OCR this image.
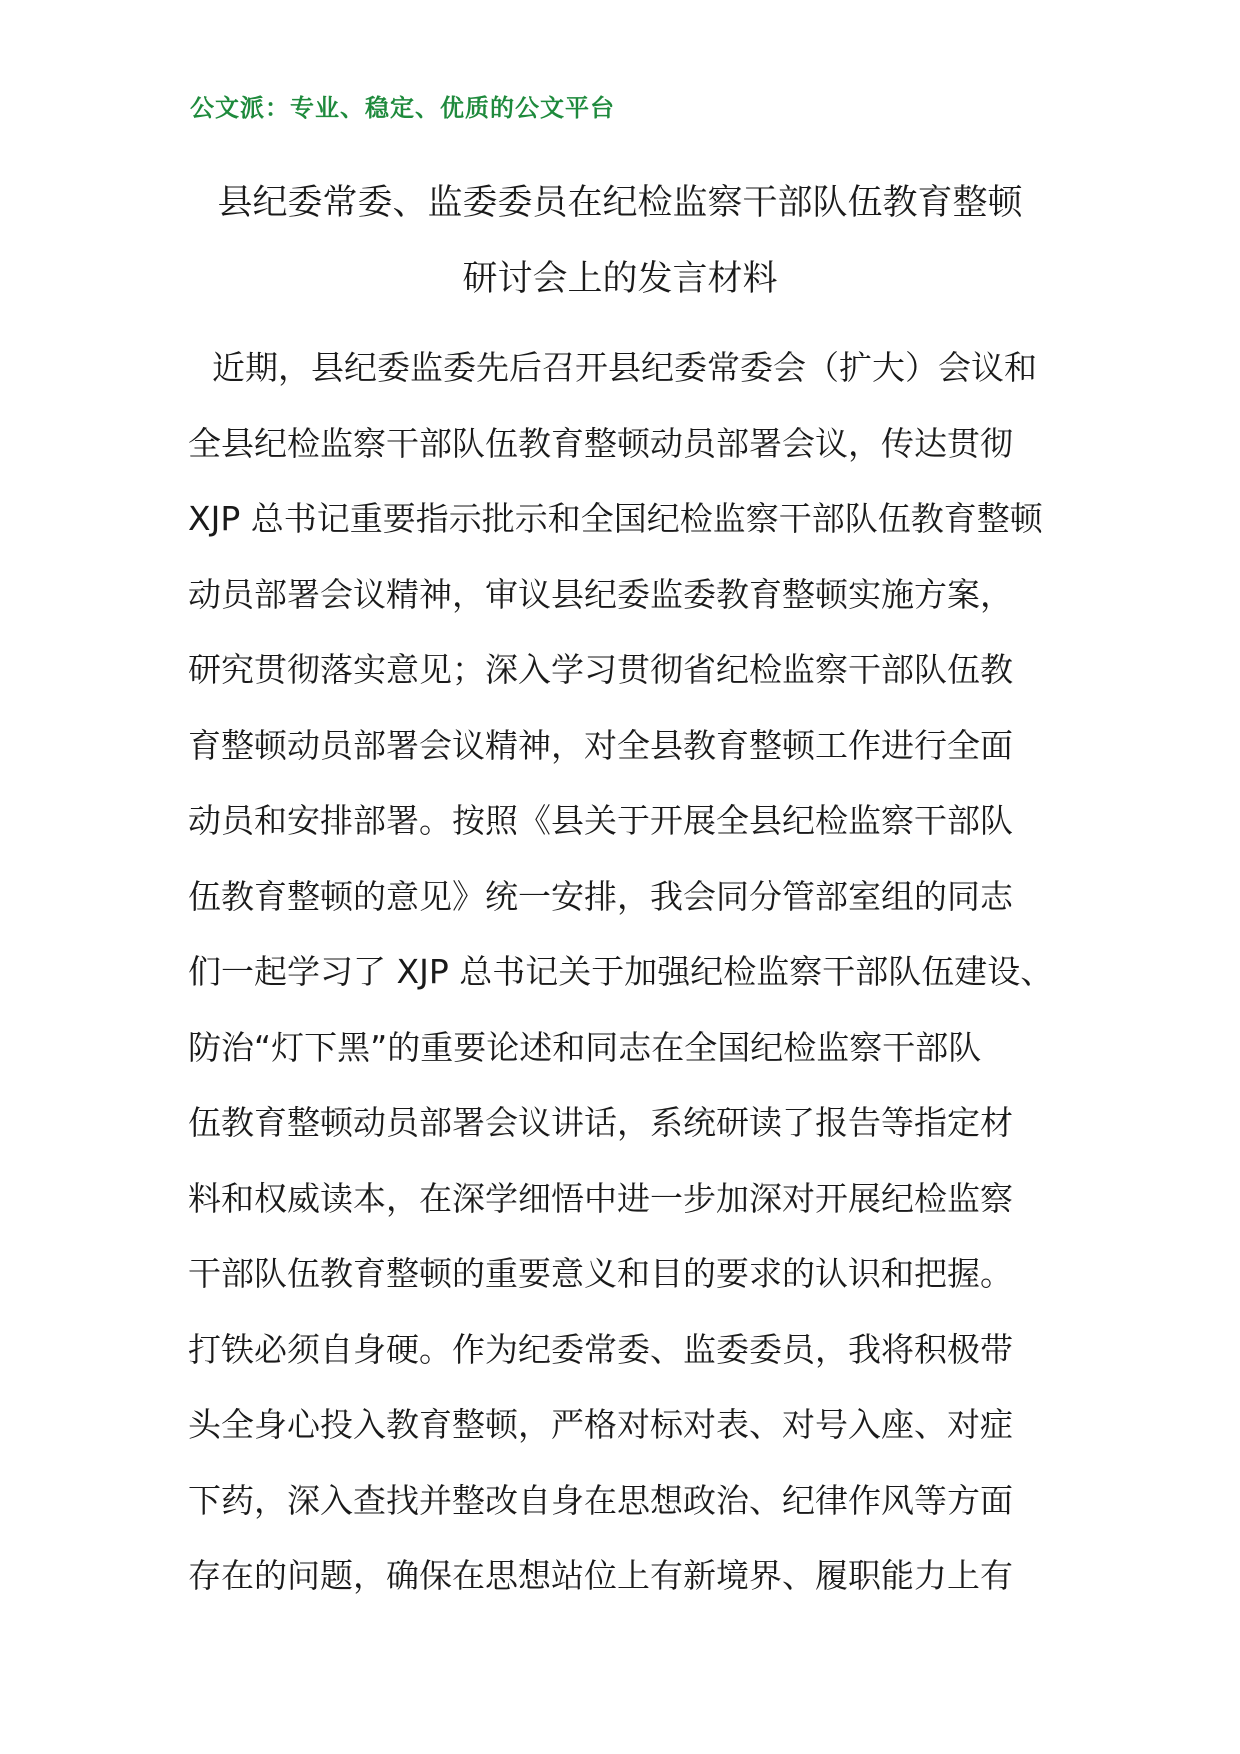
公文派：专业、稳定、优质的公文平台
县纪委常委、监委委员在纪检监察干部队伍教育整顿
研讨会上的发言材料
近期，县纪委监委先后召开县纪委常委会（扩大）会议和
全县纪检监察干部队伍教育整顿动员部署会议，传达贯彻
XJP 总书记重要指示批示和全国纪检监察干部队伍教育整顿
动员部署会议精神，审议县纪委监委教育整顿实施方案，
研究贯彻落实意见；深入学习贯彻省纪检监察干部队伍教
育整顿动员部署会议精神，对全县教育整顿工作进行全面
动员和安排部署。按照《县关于开展全县纪检监察干部队
伍教育整顿的意见》统一安排，我会同分管部室组的同志
们一起学习了 XJP 总书记关于加强纪检监察干部队伍建设、
防治“灯下黑”的重要论述和同志在全国纪检监察干部队
伍教育整顿动员部署会议讲话，系统研读了报告等指定材
料和权威读本，在深学细悟中进一步加深对开展纪检监察
干部队伍教育整顿的重要意义和目的要求的认识和把握。
打铁必须自身硬。作为纪委常委、监委委员，我将积极带
头全身心投入教育整顿，严格对标对表、对号入座、对症
下药，深入查找并整改自身在思想政治、纪律作风等方面
存在的问题，确保在思想站位上有新境界、履职能力上有
